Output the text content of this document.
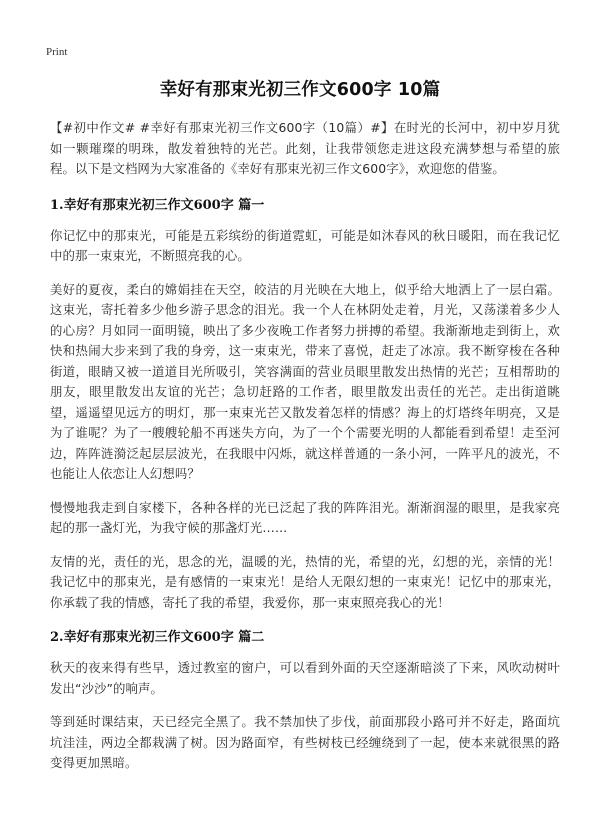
Print
幸好有那束光初三作文600字 10篇

【#初中作文# #幸好有那束光初三作文600字（10篇）#】在时光的长河中，初中岁月犹如一颗璀璨的明珠，散发着独特的光芒。此刻，让我带领您走进这段充满梦想与希望的旅程。以下是文档网为大家准备的《幸好有那束光初三作文600字》，欢迎您的借鉴。

1.幸好有那束光初三作文600字 篇一

你记忆中的那束光，可能是五彩缤纷的街道霓虹，可能是如沐春风的秋日暖阳，而在我记忆中的那一束束光，不断照亮我的心。

美好的夏夜，柔白的嫦娟挂在天空，皎洁的月光映在大地上，似乎给大地洒上了一层白霜。这束光，寄托着多少他乡游子思念的泪光。我一个人在林阴处走着，月光，又荡漾着多少人的心房？月如同一面明镜，映出了多少夜晚工作者努力拼搏的希望。我渐渐地走到街上，欢快和热闹大步来到了我的身旁，这一束束光，带来了喜悦，赶走了冰凉。我不断穿梭在各种街道，眼睛又被一道道目光所吸引，笑容满面的营业员眼里散发出热情的光芒；互相帮助的朋友，眼里散发出友谊的光芒；急切赶路的工作者，眼里散发出责任的光芒。走出街道眺望，遥遥望见远方的明灯，那一束束光芒又散发着怎样的情感？海上的灯塔终年明亮，又是为了谁呢？为了一艘艘轮船不再迷失方向，为了一个个需要光明的人都能看到希望！走至河边，阵阵涟漪泛起层层波光，在我眼中闪烁，就这样普通的一条小河，一阵平凡的波光，不也能让人依恋让人幻想吗？

慢慢地我走到自家楼下，各种各样的光已泛起了我的阵阵泪光。渐渐润湿的眼里，是我家亮起的那一盏灯光，为我守候的那盏灯光……

友情的光，责任的光，思念的光，温暖的光，热情的光，希望的光，幻想的光，亲情的光！我记忆中的那束光，是有感情的一束束光！是给人无限幻想的一束束光！记忆中的那束光，你承载了我的情感，寄托了我的希望，我爱你，那一束束照亮我心的光！

2.幸好有那束光初三作文600字 篇二

秋天的夜来得有些早，透过教室的窗户，可以看到外面的天空逐渐暗淡了下来，风吹动树叶发出“沙沙”的响声。

等到延时课结束，天已经完全黑了。我不禁加快了步伐，前面那段小路可并不好走，路面坑坑洼洼，两边全都栽满了树。因为路面窄，有些树枝已经缠绕到了一起，使本来就很黑的路变得更加黑暗。
